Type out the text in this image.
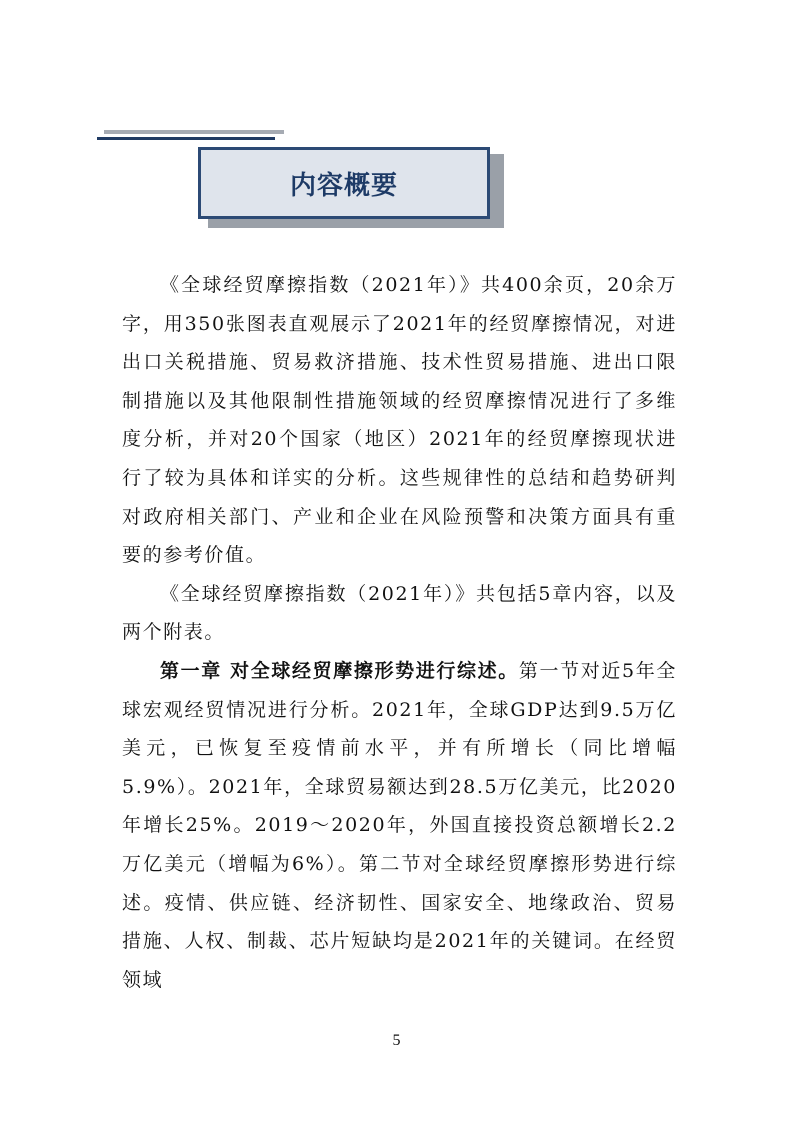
内容概要

《全球经贸摩擦指数（2021年）》共400余页，20余万字，用350张图表直观展示了2021年的经贸摩擦情况，对进出口关税措施、贸易救济措施、技术性贸易措施、进出口限制措施以及其他限制性措施领域的经贸摩擦情况进行了多维度分析，并对20个国家（地区）2021年的经贸摩擦现状进行了较为具体和详实的分析。这些规律性的总结和趋势研判对政府相关部门、产业和企业在风险预警和决策方面具有重要的参考价值。

《全球经贸摩擦指数（2021年）》共包括5章内容，以及两个附表。

第一章 对全球经贸摩擦形势进行综述。第一节对近5年全球宏观经贸情况进行分析。2021年，全球GDP达到9.5万亿美元，已恢复至疫情前水平，并有所增长（同比增幅5.9%）。2021年，全球贸易额达到28.5万亿美元，比2020年增长25%。2019～2020年，外国直接投资总额增长2.2万亿美元（增幅为6%）。第二节对全球经贸摩擦形势进行综述。疫情、供应链、经济韧性、国家安全、地缘政治、贸易措施、人权、制裁、芯片短缺均是2021年的关键词。在经贸领域

5
